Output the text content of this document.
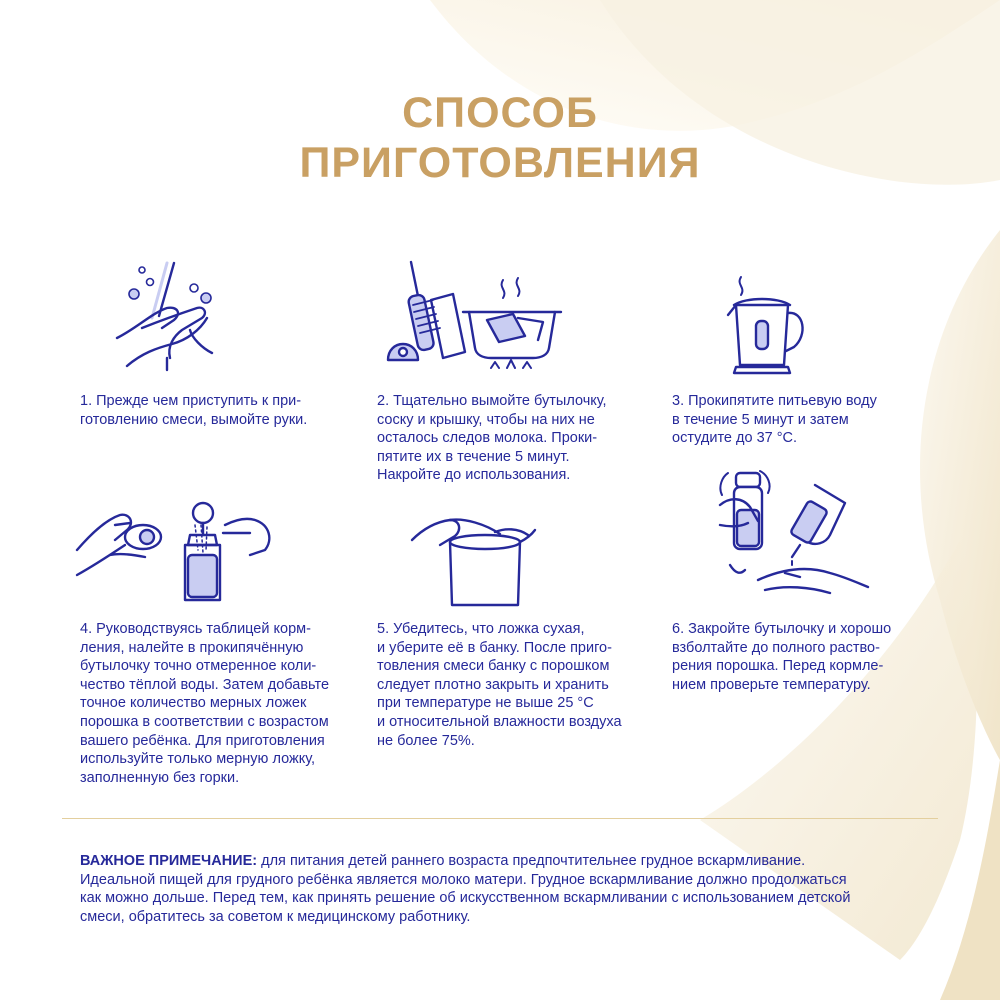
СПОСОБ
ПРИГОТОВЛЕНИЯ

1. Прежде чем приступить к при-
готовлению смеси, вымойте руки.

2. Тщательно вымойте бутылочку,
соску и крышку, чтобы на них не
осталось следов молока. Проки-
пятите их в течение 5 минут.
Накройте до использования.

3. Прокипятите питьевую воду
в течение 5 минут и затем
остудите до 37 °C.

4. Руководствуясь таблицей корм-
ления, налейте в прокипячённую
бутылочку точно отмеренное коли-
чество тёплой воды. Затем добавьте
точное количество мерных ложек
порошка в соответствии с возрастом
вашего ребёнка. Для приготовления
используйте только мерную ложку,
заполненную без горки.

5. Убедитесь, что ложка сухая,
и уберите её в банку. После приго-
товления смеси банку с порошком
следует плотно закрыть и хранить
при температуре не выше 25 °C
и относительной влажности воздуха
не более 75%.

6. Закройте бутылочку и хорошо
взболтайте до полного раство-
рения порошка. Перед кормле-
нием проверьте температуру.

ВАЖНОЕ ПРИМЕЧАНИЕ: для питания детей раннего возраста предпочтительнее грудное вскармливание.
Идеальной пищей для грудного ребёнка является молоко матери. Грудное вскармливание должно продолжаться
как можно дольше. Перед тем, как принять решение об искусственном вскармливании с использованием детской
смеси, обратитесь за советом к медицинскому работнику.
